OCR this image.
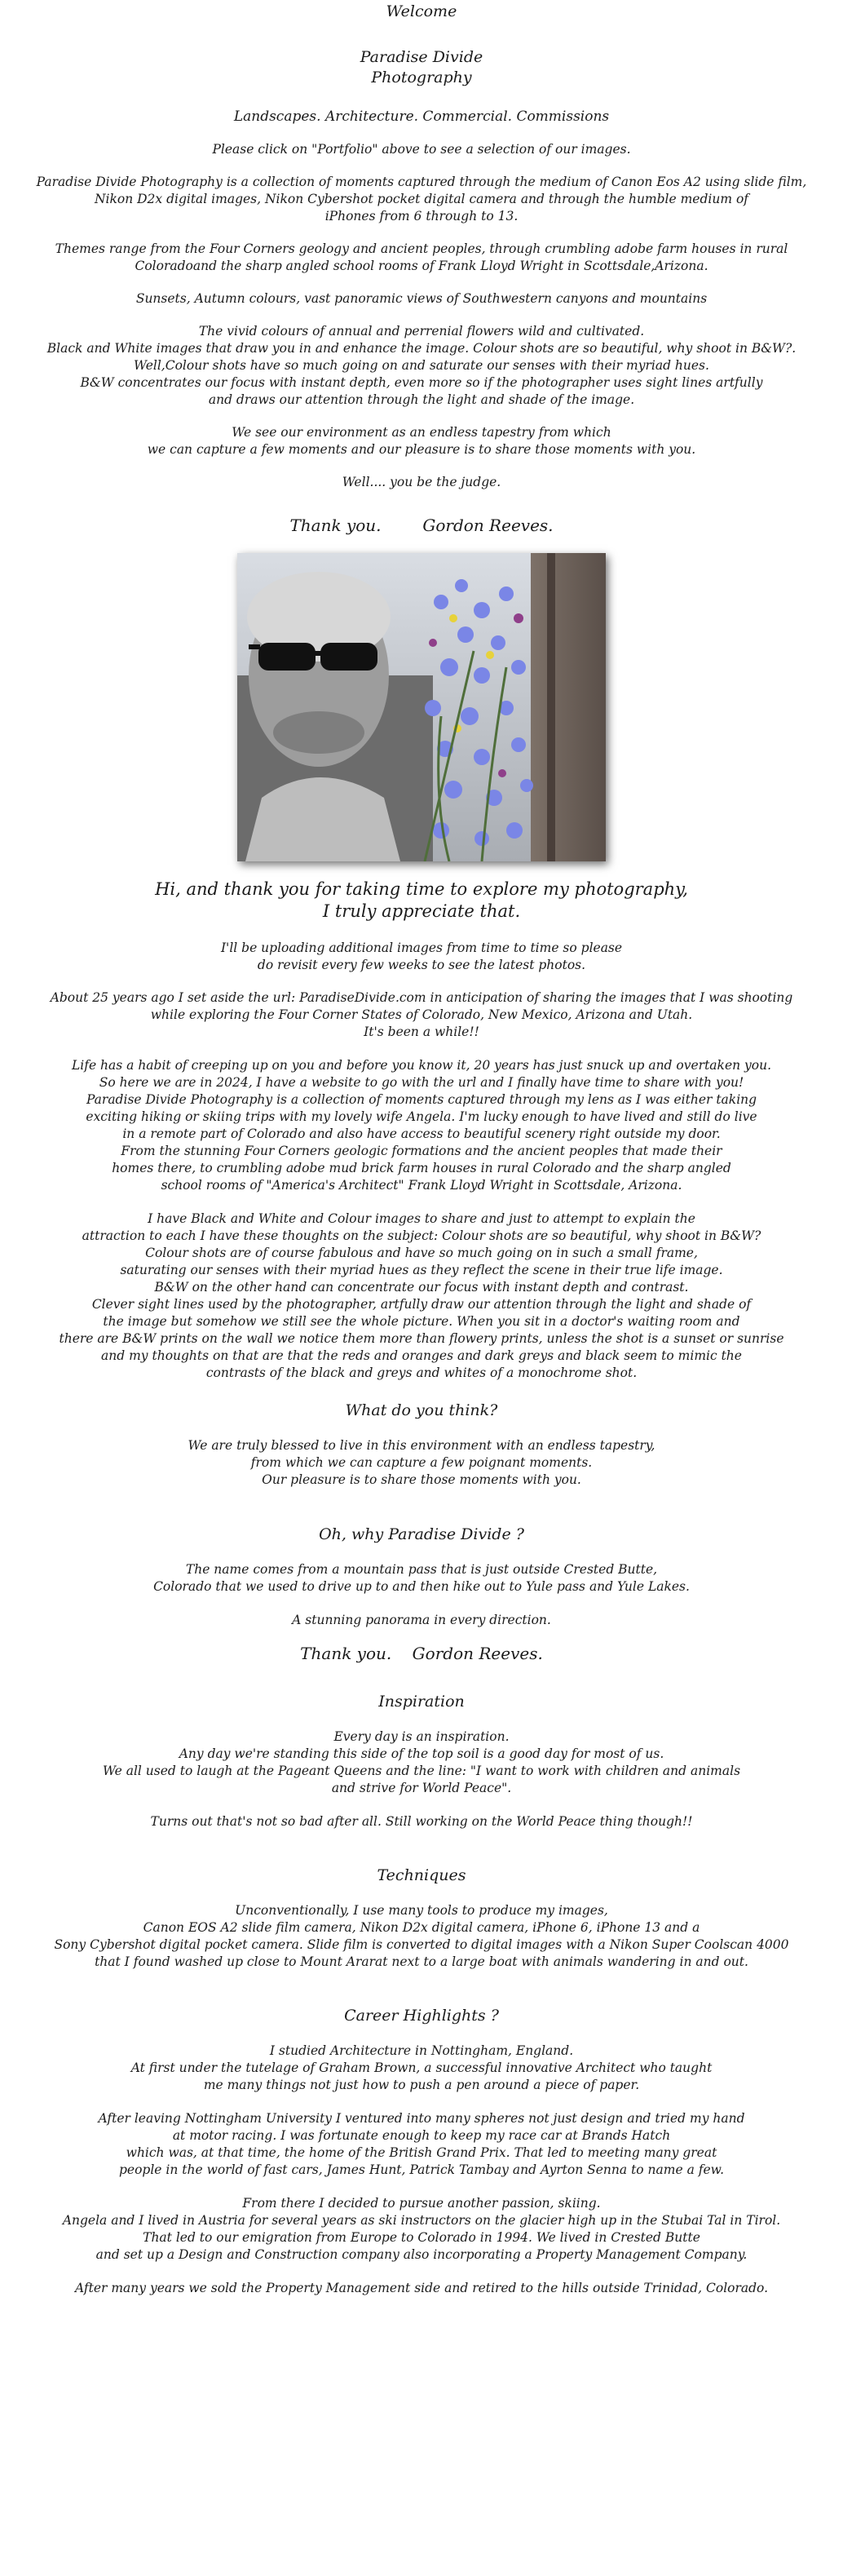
Welcome

Paradise Divide

Photography

Landscapes. Architecture. Commercial. Commissions

Please click on "Portfolio" above to see a selection of our images.

Paradise Divide Photography is a collection of moments captured through the medium of Canon Eos A2 using slide film,

Nikon D2x digital images, Nikon Cybershot pocket digital camera and through the humble medium of

iPhones from 6 through to 13.

Themes range from the Four Corners geology and ancient peoples, through crumbling adobe farm houses in rural

Coloradoand the sharp angled school rooms of Frank Lloyd Wright in Scottsdale,Arizona.

Sunsets, Autumn colours, vast panoramic views of Southwestern canyons and mountains

The vivid colours of annual and perrenial flowers wild and cultivated.

Black and White images that draw you in and enhance the image. Colour shots are so beautiful, why shoot in B&W?.

Well,Colour shots have so much going on and saturate our senses with their myriad hues.

B&W concentrates our focus with instant depth, even more so if the photographer uses sight lines artfully

and draws our attention through the light and shade of the image.

We see our environment as an endless tapestry from which

we can capture a few moments and our pleasure is to share those moments with you.

Well.... you be the judge.

Thank you.        Gordon Reeves.

Hi, and thank you for taking time to explore my photography,

I truly appreciate that.

I'll be uploading additional images from time to time so please

do revisit every few weeks to see the latest photos.

About 25 years ago I set aside the url: ParadiseDivide.com in anticipation of sharing the images that I was shooting

while exploring the Four Corner States of Colorado, New Mexico, Arizona and Utah.

It's been a while!!

Life has a habit of creeping up on you and before you know it, 20 years has just snuck up and overtaken you.

So here we are in 2024, I have a website to go with the url and I finally have time to share with you!

Paradise Divide Photography is a collection of moments captured through my lens as I was either taking

exciting hiking or skiing trips with my lovely wife Angela. I'm lucky enough to have lived and still do live

in a remote part of Colorado and also have access to beautiful scenery right outside my door.

From the stunning Four Corners geologic formations and the ancient peoples that made their

homes there, to crumbling adobe mud brick farm houses in rural Colorado and the sharp angled

school rooms of "America's Architect" Frank Lloyd Wright in Scottsdale, Arizona.

I have Black and White and Colour images to share and just to attempt to explain the

attraction to each I have these thoughts on the subject: Colour shots are so beautiful, why shoot in B&W?

Colour shots are of course fabulous and have so much going on in such a small frame,

saturating our senses with their myriad hues as they reflect the scene in their true life image.

B&W on the other hand can concentrate our focus with instant depth and contrast.

Clever sight lines used by the photographer, artfully draw our attention through the light and shade of

the image but somehow we still see the whole picture. When you sit in a doctor's waiting room and

there are B&W prints on the wall we notice them more than flowery prints, unless the shot is a sunset or sunrise

and my thoughts on that are that the reds and oranges and dark greys and black seem to mimic the

contrasts of the black and greys and whites of a monochrome shot.

What do you think?

We are truly blessed to live in this environment with an endless tapestry,

from which we can capture a few poignant moments.

Our pleasure is to share those moments with you.

Oh, why Paradise Divide ?

The name comes from a mountain pass that is just outside Crested Butte,

Colorado that we used to drive up to and then hike out to Yule pass and Yule Lakes.

A stunning panorama in every direction.

Thank you.    Gordon Reeves.

Inspiration

Every day is an inspiration.

Any day we're standing this side of the top soil is a good day for most of us.

We all used to laugh at the Pageant Queens and the line: "I want to work with children and animals

and strive for World Peace".

Turns out that's not so bad after all. Still working on the World Peace thing though!!

Techniques

Unconventionally, I use many tools to produce my images,

Canon EOS A2 slide film camera, Nikon D2x digital camera, iPhone 6, iPhone 13 and a

Sony Cybershot digital pocket camera. Slide film is converted to digital images with a Nikon Super Coolscan 4000

that I found washed up close to Mount Ararat next to a large boat with animals wandering in and out.

Career Highlights ?

I studied Architecture in Nottingham, England.

At first under the tutelage of Graham Brown, a successful innovative Architect who taught

me many things not just how to push a pen around a piece of paper.

After leaving Nottingham University I ventured into many spheres not just design and tried my hand

at motor racing. I was fortunate enough to keep my race car at Brands Hatch

which was, at that time, the home of the British Grand Prix. That led to meeting many great

people in the world of fast cars, James Hunt, Patrick Tambay and Ayrton Senna to name a few.

From there I decided to pursue another passion, skiing.

Angela and I lived in Austria for several years as ski instructors on the glacier high up in the Stubai Tal in Tirol.

That led to our emigration from Europe to Colorado in 1994. We lived in Crested Butte

and set up a Design and Construction company also incorporating a Property Management Company.

After many years we sold the Property Management side and retired to the hills outside Trinidad, Colorado.
